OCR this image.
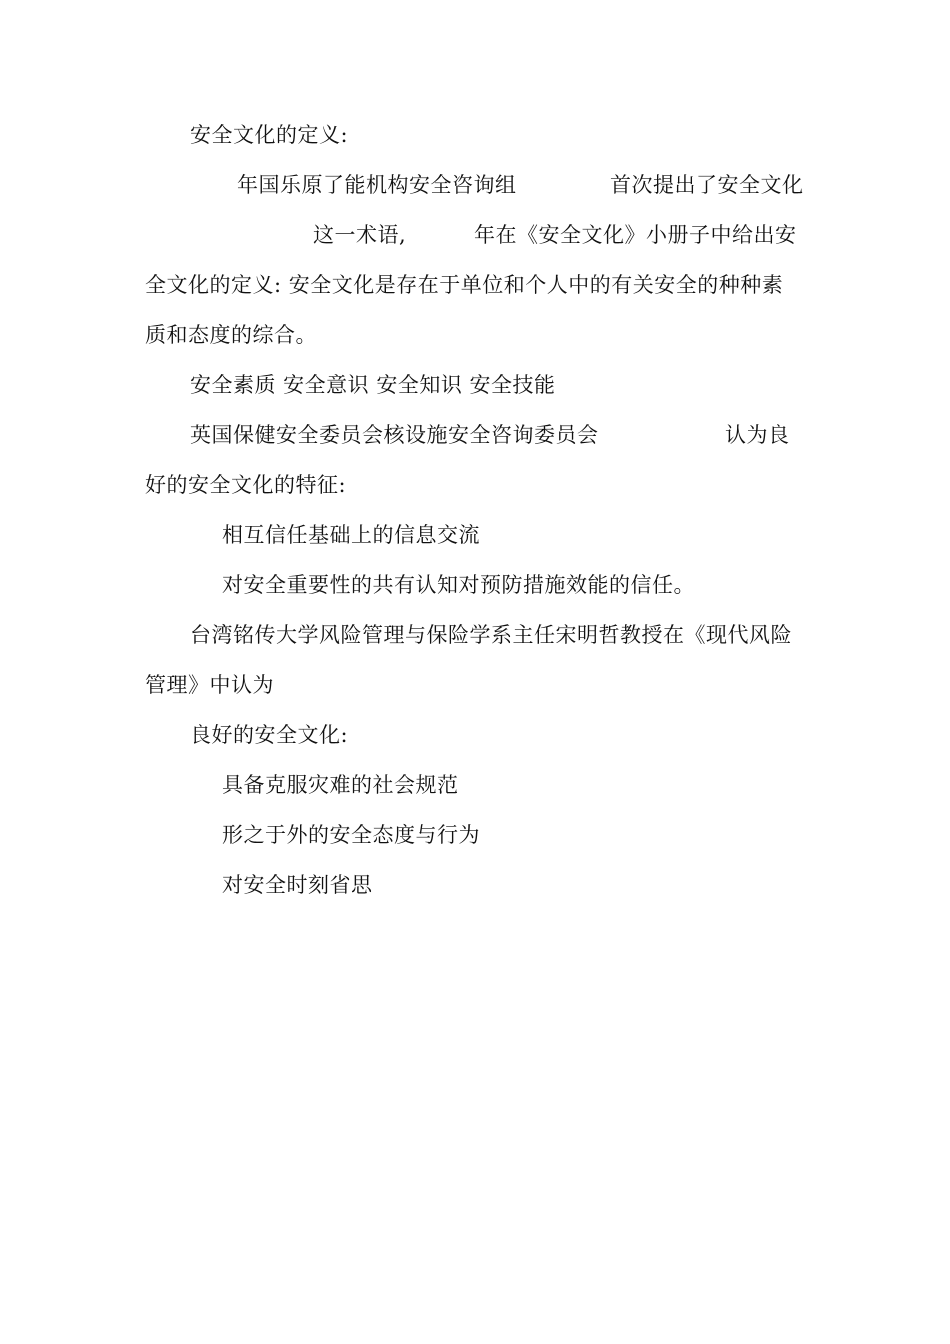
安全文化的定义:
年国乐原了能机构安全咨询组	首次提出了安全文化
这一术语,	年在《安全文化》小册子中给出安
全文化的定义: 安全文化是存在于单位和个人中的有关安全的种种素
质和态度的综合。
安全素质 安全意识 安全知识 安全技能
英国保健安全委员会核设施安全咨询委员会	认为良
好的安全文化的特征:
相互信任基础上的信息交流
对安全重要性的共有认知对预防措施效能的信任。
台湾铭传大学风险管理与保险学系主任宋明哲教授在《现代风险
管理》中认为
良好的安全文化:
具备克服灾难的社会规范
形之于外的安全态度与行为
对安全时刻省思
